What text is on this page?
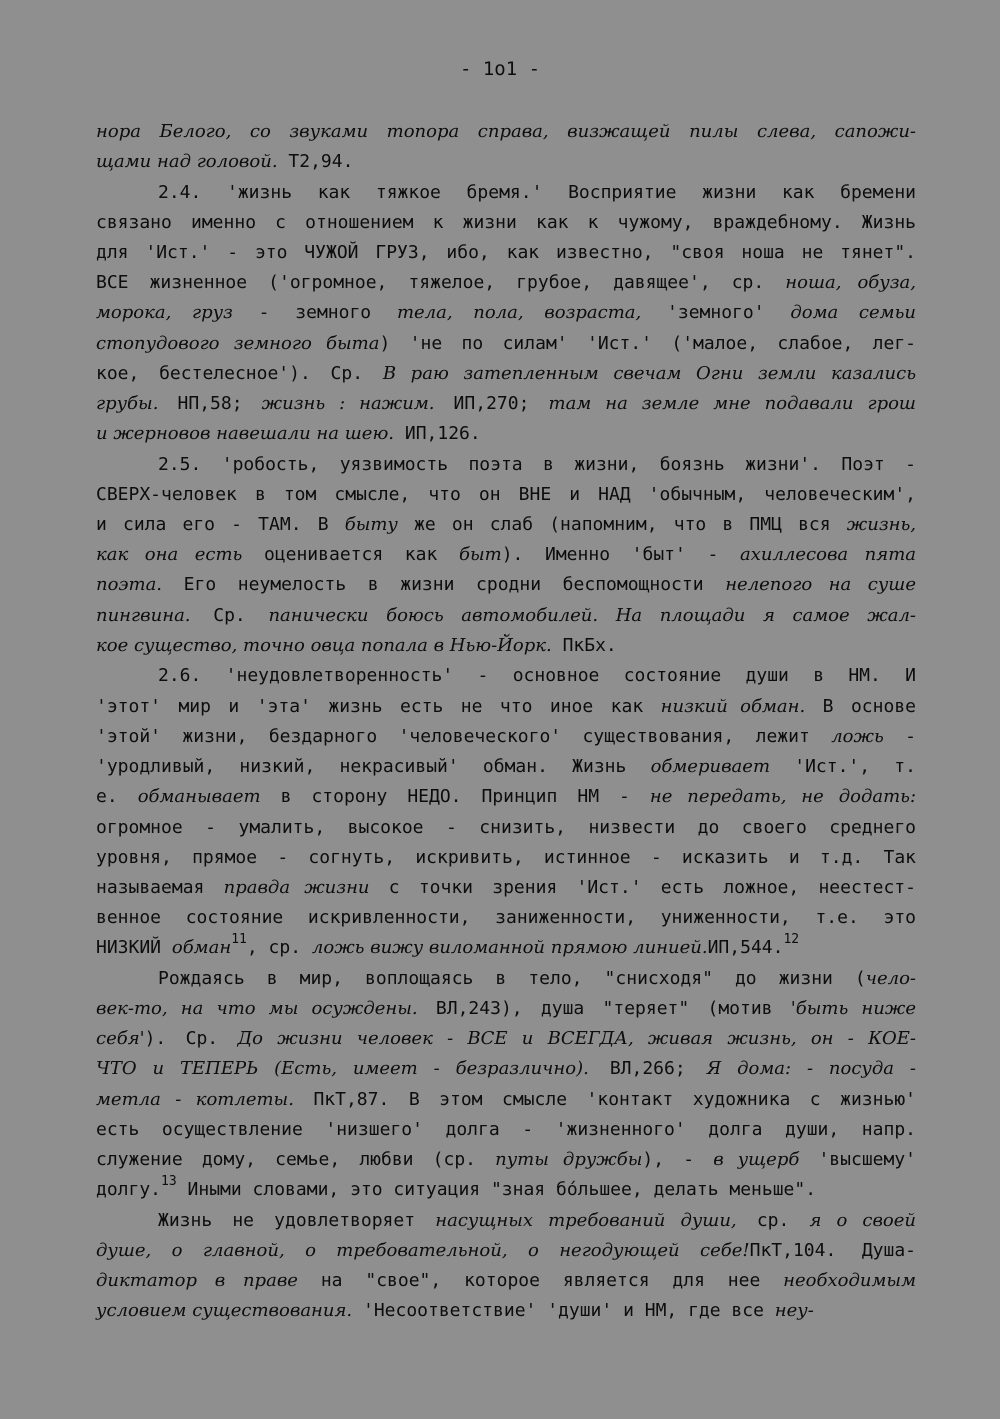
- 1o1 -
нора Белого, со звуками топора справа, визжащей пилы слева, сапожи-
щами над головой. Т2,94.
2.4. 'жизнь как тяжкое бремя.' Восприятие жизни как бремени
связано именно с отношением к жизни как к чужому, враждебному. Жизнь
для 'Ист.' - это ЧУЖОЙ ГРУЗ, ибо, как известно, "своя ноша не тянет".
ВСЕ жизненное ('огромное, тяжелое, грубое, давящее', ср. ноша, обуза,
морока, груз - земного тела, пола, возраста, 'земного' дома семьи
стопудового земного быта) 'не по силам' 'Ист.' ('малое, слабое, лег-
кое, бестелесное'). Ср. В раю затепленным свечам Огни земли казались
грубы. НП,58; жизнь : нажим. ИП,270; там на земле мне подавали грош
и жерновов навешали на шею. ИП,126.
2.5. 'робость, уязвимость поэта в жизни, боязнь жизни'. Поэт -
СВЕРХ-человек в том смысле, что он ВНЕ и НАД 'обычным, человеческим',
и сила его - ТАМ. В быту же он слаб (напомним, что в ПМЦ вся жизнь,
как она есть оценивается как быт). Именно 'быт' - ахиллесова пята
поэта. Его неумелость в жизни сродни беспомощности нелепого на суше
пингвина. Ср. панически боюсь автомобилей. На площади я самое жал-
кое существо, точно овца попала в Нью-Йорк. ПкБх.
2.6. 'неудовлетворенность' - основное состояние души в НМ. И
'этот' мир и 'эта' жизнь есть не что иное как низкий обман. В основе
'этой' жизни, бездарного 'человеческого' существования, лежит ложь -
'уродливый, низкий, некрасивый' обман. Жизнь обмеривает 'Ист.', т.
е. обманывает в сторону НЕДО. Принцип НМ - не передать, не додать:
огромное - умалить, высокое - снизить, низвести до своего среднего
уровня, прямое - согнуть, искривить, истинное - исказить и т.д. Так
называемая правда жизни с точки зрения 'Ист.' есть ложное, неестест-
венное состояние искривленности, заниженности, униженности, т.е. это
НИЗКИЙ обман$^{11}$, ср. ложь вижу виломанной прямою линией.ИП,544.12
Рождаясь в мир, воплощаясь в тело, "снисходя" до жизни (чело-
век-то, на что мы осуждены. ВЛ,243), душа "теряет" (мотив 'быть ниже
себя'). Ср. До жизни человек - ВСЕ и ВСЕГДА, живая жизнь, он - КОЕ-
ЧТО и ТЕПЕРЬ (Есть, имеет - безразлично). ВЛ,266; Я дома: - посуда -
метла - котлеты. ПкТ,87. В этом смысле 'контакт художника с жизнью'
есть осуществление 'низшего' долга - 'жизненного' долга души, напр.
служение дому, семье, любви (ср. путы дружбы), - в ущерб 'высшему'
долгу.$^{13}$ Иными словами, это ситуация "зная бóльшее, делать меньше".
Жизнь не удовлетворяет насущных требований души, ср. я о своей
душе, о главной, о требовательной, о негодующей себе!ПкТ,104. Душа-
диктатор в праве на "свое", которое является для нее необходимым
условием существования. 'Несоответствие' 'души' и НМ, где все неу-
